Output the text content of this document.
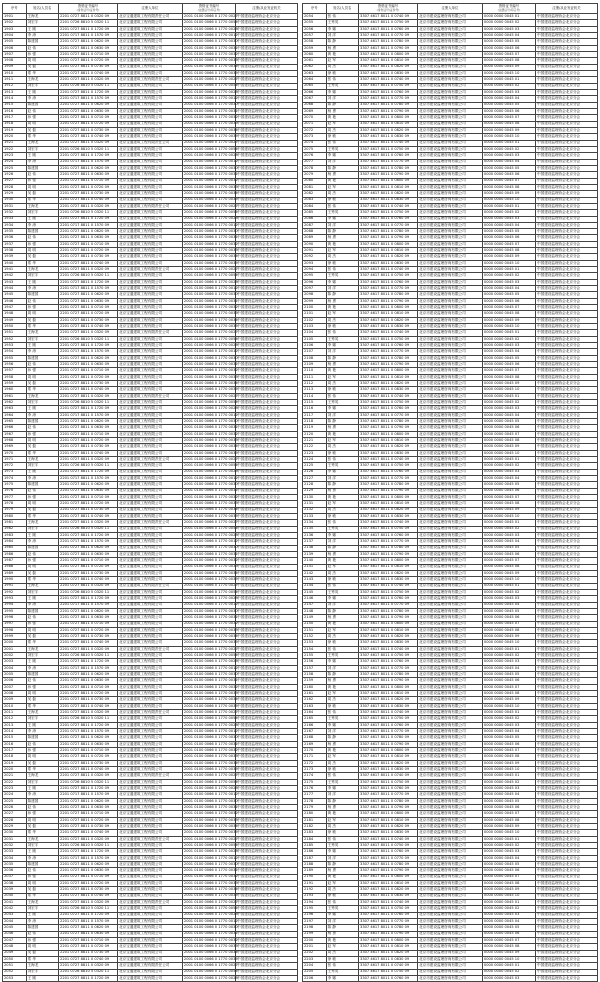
序号	姓名/人员名	资格证书编号
(身份证号/证件号)	注册人单位	资格证书编号
(注册证号/印章号)	注册/从业发证机关
1901	王海龙	2201 0727 8811 0 0320 09	北京宝通建筑工程有限责任公司	2001 0100 0066 0 1770 0027	中国建设监理协会北京分会
1902	刘宏宇	2201 0726 8810 5 0320 11	北京宝通建筑工程有限公司	2001 0100 0066 0 1770 0054	中国建设监理协会北京分会
1903	王 刚	2201 0727 8811 0 1720 09	北京宝通建筑工程有限公司	2001 0100 0066 0 1770 0028	中国建设监理协会北京分会
1904	李 涛	2201 0717 8811 0 1570 09	北京宝通建筑工程有限公司	2001 0100 0066 0 1770 0012	中国建设监理协会北京分会
1905	陈建国	2201 0727 8811 0 0620 09	北京宝通建筑工程有限公司	2001 0100 0066 0 1770 0030	中国建设监理协会北京分会
1906	赵 伟	2201 0727 8811 0 0630 09	北京宝通建筑工程有限公司	2001 0100 0066 0 1770 0031	中国建设监理协会北京分会
1907	孙 强	2201 0727 8811 0 0710 09	北京宝通建筑工程有限公司	2001 0100 0066 0 1770 0032	中国建设监理协会北京分会
1908	周 明	2201 0727 8811 0 0720 09	北京宝通建筑工程有限公司	2001 0100 0066 0 1770 0033	中国建设监理协会北京分会
1909	吴 磊	2201 0727 8811 0 0730 09	北京宝通建筑工程有限公司	2001 0100 0066 0 1770 0034	中国建设监理协会北京分会
1910	郑 华	2201 0727 8811 0 0740 09	北京宝通建筑工程有限公司	2001 0100 0066 0 1770 0035	中国建设监理协会北京分会
1911	王海龙	2201 0727 8811 0 0320 09	北京宝通建筑工程有限责任公司	2001 0100 0066 0 1770 0027	中国建设监理协会北京分会
1912	刘宏宇	2201 0726 8810 5 0320 11	北京宝通建筑工程有限公司	2001 0100 0066 0 1770 0054	中国建设监理协会北京分会
1913	王 刚	2201 0727 8811 0 1720 09	北京宝通建筑工程有限公司	2001 0100 0066 0 1770 0028	中国建设监理协会北京分会
1914	李 涛	2201 0717 8811 0 1570 09	北京宝通建筑工程有限公司	2001 0100 0066 0 1770 0012	中国建设监理协会北京分会
1915	陈建国	2201 0727 8811 0 0620 09	北京宝通建筑工程有限公司	2001 0100 0066 0 1770 0030	中国建设监理协会北京分会
1916	赵 伟	2201 0727 8811 0 0630 09	北京宝通建筑工程有限公司	2001 0100 0066 0 1770 0031	中国建设监理协会北京分会
1917	孙 强	2201 0727 8811 0 0710 09	北京宝通建筑工程有限公司	2001 0100 0066 0 1770 0032	中国建设监理协会北京分会
1918	周 明	2201 0727 8811 0 0720 09	北京宝通建筑工程有限公司	2001 0100 0066 0 1770 0033	中国建设监理协会北京分会
1919	吴 磊	2201 0727 8811 0 0730 09	北京宝通建筑工程有限公司	2001 0100 0066 0 1770 0034	中国建设监理协会北京分会
1920	郑 华	2201 0727 8811 0 0740 09	北京宝通建筑工程有限公司	2001 0100 0066 0 1770 0035	中国建设监理协会北京分会
1921	王海龙	2201 0727 8811 0 0320 09	北京宝通建筑工程有限责任公司	2001 0100 0066 0 1770 0027	中国建设监理协会北京分会
1922	刘宏宇	2201 0726 8810 5 0320 11	北京宝通建筑工程有限公司	2001 0100 0066 0 1770 0054	中国建设监理协会北京分会
1923	王 刚	2201 0727 8811 0 1720 09	北京宝通建筑工程有限公司	2001 0100 0066 0 1770 0028	中国建设监理协会北京分会
1924	李 涛	2201 0717 8811 0 1570 09	北京宝通建筑工程有限公司	2001 0100 0066 0 1770 0012	中国建设监理协会北京分会
1925	陈建国	2201 0727 8811 0 0620 09	北京宝通建筑工程有限公司	2001 0100 0066 0 1770 0030	中国建设监理协会北京分会
1926	赵 伟	2201 0727 8811 0 0630 09	北京宝通建筑工程有限公司	2001 0100 0066 0 1770 0031	中国建设监理协会北京分会
1927	孙 强	2201 0727 8811 0 0710 09	北京宝通建筑工程有限公司	2001 0100 0066 0 1770 0032	中国建设监理协会北京分会
1928	周 明	2201 0727 8811 0 0720 09	北京宝通建筑工程有限公司	2001 0100 0066 0 1770 0033	中国建设监理协会北京分会
1929	吴 磊	2201 0727 8811 0 0730 09	北京宝通建筑工程有限公司	2001 0100 0066 0 1770 0034	中国建设监理协会北京分会
1930	郑 华	2201 0727 8811 0 0740 09	北京宝通建筑工程有限公司	2001 0100 0066 0 1770 0035	中国建设监理协会北京分会
1931	王海龙	2201 0727 8811 0 0320 09	北京宝通建筑工程有限责任公司	2001 0100 0066 0 1770 0027	中国建设监理协会北京分会
1932	刘宏宇	2201 0726 8810 5 0320 11	北京宝通建筑工程有限公司	2001 0100 0066 0 1770 0054	中国建设监理协会北京分会
1933	王 刚	2201 0727 8811 0 1720 09	北京宝通建筑工程有限公司	2001 0100 0066 0 1770 0028	中国建设监理协会北京分会
1934	李 涛	2201 0717 8811 0 1570 09	北京宝通建筑工程有限公司	2001 0100 0066 0 1770 0012	中国建设监理协会北京分会
1935	陈建国	2201 0727 8811 0 0620 09	北京宝通建筑工程有限公司	2001 0100 0066 0 1770 0030	中国建设监理协会北京分会
1936	赵 伟	2201 0727 8811 0 0630 09	北京宝通建筑工程有限公司	2001 0100 0066 0 1770 0031	中国建设监理协会北京分会
1937	孙 强	2201 0727 8811 0 0710 09	北京宝通建筑工程有限公司	2001 0100 0066 0 1770 0032	中国建设监理协会北京分会
1938	周 明	2201 0727 8811 0 0720 09	北京宝通建筑工程有限公司	2001 0100 0066 0 1770 0033	中国建设监理协会北京分会
1939	吴 磊	2201 0727 8811 0 0730 09	北京宝通建筑工程有限公司	2001 0100 0066 0 1770 0034	中国建设监理协会北京分会
1940	郑 华	2201 0727 8811 0 0740 09	北京宝通建筑工程有限公司	2001 0100 0066 0 1770 0035	中国建设监理协会北京分会
1941	王海龙	2201 0727 8811 0 0320 09	北京宝通建筑工程有限责任公司	2001 0100 0066 0 1770 0027	中国建设监理协会北京分会
1942	刘宏宇	2201 0726 8810 5 0320 11	北京宝通建筑工程有限公司	2001 0100 0066 0 1770 0054	中国建设监理协会北京分会
1943	王 刚	2201 0727 8811 0 1720 09	北京宝通建筑工程有限公司	2001 0100 0066 0 1770 0028	中国建设监理协会北京分会
1944	李 涛	2201 0717 8811 0 1570 09	北京宝通建筑工程有限公司	2001 0100 0066 0 1770 0012	中国建设监理协会北京分会
1945	陈建国	2201 0727 8811 0 0620 09	北京宝通建筑工程有限公司	2001 0100 0066 0 1770 0030	中国建设监理协会北京分会
1946	赵 伟	2201 0727 8811 0 0630 09	北京宝通建筑工程有限公司	2001 0100 0066 0 1770 0031	中国建设监理协会北京分会
1947	孙 强	2201 0727 8811 0 0710 09	北京宝通建筑工程有限公司	2001 0100 0066 0 1770 0032	中国建设监理协会北京分会
1948	周 明	2201 0727 8811 0 0720 09	北京宝通建筑工程有限公司	2001 0100 0066 0 1770 0033	中国建设监理协会北京分会
1949	吴 磊	2201 0727 8811 0 0730 09	北京宝通建筑工程有限公司	2001 0100 0066 0 1770 0034	中国建设监理协会北京分会
1950	郑 华	2201 0727 8811 0 0740 09	北京宝通建筑工程有限公司	2001 0100 0066 0 1770 0035	中国建设监理协会北京分会
1951	王海龙	2201 0727 8811 0 0320 09	北京宝通建筑工程有限责任公司	2001 0100 0066 0 1770 0027	中国建设监理协会北京分会
1952	刘宏宇	2201 0726 8810 5 0320 11	北京宝通建筑工程有限公司	2001 0100 0066 0 1770 0054	中国建设监理协会北京分会
1953	王 刚	2201 0727 8811 0 1720 09	北京宝通建筑工程有限公司	2001 0100 0066 0 1770 0028	中国建设监理协会北京分会
1954	李 涛	2201 0717 8811 0 1570 09	北京宝通建筑工程有限公司	2001 0100 0066 0 1770 0012	中国建设监理协会北京分会
1955	陈建国	2201 0727 8811 0 0620 09	北京宝通建筑工程有限公司	2001 0100 0066 0 1770 0030	中国建设监理协会北京分会
1956	赵 伟	2201 0727 8811 0 0630 09	北京宝通建筑工程有限公司	2001 0100 0066 0 1770 0031	中国建设监理协会北京分会
1957	孙 强	2201 0727 8811 0 0710 09	北京宝通建筑工程有限公司	2001 0100 0066 0 1770 0032	中国建设监理协会北京分会
1958	周 明	2201 0727 8811 0 0720 09	北京宝通建筑工程有限公司	2001 0100 0066 0 1770 0033	中国建设监理协会北京分会
1959	吴 磊	2201 0727 8811 0 0730 09	北京宝通建筑工程有限公司	2001 0100 0066 0 1770 0034	中国建设监理协会北京分会
1960	郑 华	2201 0727 8811 0 0740 09	北京宝通建筑工程有限公司	2001 0100 0066 0 1770 0035	中国建设监理协会北京分会
1961	王海龙	2201 0727 8811 0 0320 09	北京宝通建筑工程有限责任公司	2001 0100 0066 0 1770 0027	中国建设监理协会北京分会
1962	刘宏宇	2201 0726 8810 5 0320 11	北京宝通建筑工程有限公司	2001 0100 0066 0 1770 0054	中国建设监理协会北京分会
1963	王 刚	2201 0727 8811 0 1720 09	北京宝通建筑工程有限公司	2001 0100 0066 0 1770 0028	中国建设监理协会北京分会
1964	李 涛	2201 0717 8811 0 1570 09	北京宝通建筑工程有限公司	2001 0100 0066 0 1770 0012	中国建设监理协会北京分会
1965	陈建国	2201 0727 8811 0 0620 09	北京宝通建筑工程有限公司	2001 0100 0066 0 1770 0030	中国建设监理协会北京分会
1966	赵 伟	2201 0727 8811 0 0630 09	北京宝通建筑工程有限公司	2001 0100 0066 0 1770 0031	中国建设监理协会北京分会
1967	孙 强	2201 0727 8811 0 0710 09	北京宝通建筑工程有限公司	2001 0100 0066 0 1770 0032	中国建设监理协会北京分会
1968	周 明	2201 0727 8811 0 0720 09	北京宝通建筑工程有限公司	2001 0100 0066 0 1770 0033	中国建设监理协会北京分会
1969	吴 磊	2201 0727 8811 0 0730 09	北京宝通建筑工程有限公司	2001 0100 0066 0 1770 0034	中国建设监理协会北京分会
1970	郑 华	2201 0727 8811 0 0740 09	北京宝通建筑工程有限公司	2001 0100 0066 0 1770 0035	中国建设监理协会北京分会
1971	王海龙	2201 0727 8811 0 0320 09	北京宝通建筑工程有限责任公司	2001 0100 0066 0 1770 0027	中国建设监理协会北京分会
1972	刘宏宇	2201 0726 8810 5 0320 11	北京宝通建筑工程有限公司	2001 0100 0066 0 1770 0054	中国建设监理协会北京分会
1973	王 刚	2201 0727 8811 0 1720 09	北京宝通建筑工程有限公司	2001 0100 0066 0 1770 0028	中国建设监理协会北京分会
1974	李 涛	2201 0717 8811 0 1570 09	北京宝通建筑工程有限公司	2001 0100 0066 0 1770 0012	中国建设监理协会北京分会
1975	陈建国	2201 0727 8811 0 0620 09	北京宝通建筑工程有限公司	2001 0100 0066 0 1770 0030	中国建设监理协会北京分会
1976	赵 伟	2201 0727 8811 0 0630 09	北京宝通建筑工程有限公司	2001 0100 0066 0 1770 0031	中国建设监理协会北京分会
1977	孙 强	2201 0727 8811 0 0710 09	北京宝通建筑工程有限公司	2001 0100 0066 0 1770 0032	中国建设监理协会北京分会
1978	周 明	2201 0727 8811 0 0720 09	北京宝通建筑工程有限公司	2001 0100 0066 0 1770 0033	中国建设监理协会北京分会
1979	吴 磊	2201 0727 8811 0 0730 09	北京宝通建筑工程有限公司	2001 0100 0066 0 1770 0034	中国建设监理协会北京分会
1980	郑 华	2201 0727 8811 0 0740 09	北京宝通建筑工程有限公司	2001 0100 0066 0 1770 0035	中国建设监理协会北京分会
1981	王海龙	2201 0727 8811 0 0320 09	北京宝通建筑工程有限责任公司	2001 0100 0066 0 1770 0027	中国建设监理协会北京分会
1982	刘宏宇	2201 0726 8810 5 0320 11	北京宝通建筑工程有限公司	2001 0100 0066 0 1770 0054	中国建设监理协会北京分会
1983	王 刚	2201 0727 8811 0 1720 09	北京宝通建筑工程有限公司	2001 0100 0066 0 1770 0028	中国建设监理协会北京分会
1984	李 涛	2201 0717 8811 0 1570 09	北京宝通建筑工程有限公司	2001 0100 0066 0 1770 0012	中国建设监理协会北京分会
1985	陈建国	2201 0727 8811 0 0620 09	北京宝通建筑工程有限公司	2001 0100 0066 0 1770 0030	中国建设监理协会北京分会
1986	赵 伟	2201 0727 8811 0 0630 09	北京宝通建筑工程有限公司	2001 0100 0066 0 1770 0031	中国建设监理协会北京分会
1987	孙 强	2201 0727 8811 0 0710 09	北京宝通建筑工程有限公司	2001 0100 0066 0 1770 0032	中国建设监理协会北京分会
1988	周 明	2201 0727 8811 0 0720 09	北京宝通建筑工程有限公司	2001 0100 0066 0 1770 0033	中国建设监理协会北京分会
1989	吴 磊	2201 0727 8811 0 0730 09	北京宝通建筑工程有限公司	2001 0100 0066 0 1770 0034	中国建设监理协会北京分会
1990	郑 华	2201 0727 8811 0 0740 09	北京宝通建筑工程有限公司	2001 0100 0066 0 1770 0035	中国建设监理协会北京分会
1991	王海龙	2201 0727 8811 0 0320 09	北京宝通建筑工程有限责任公司	2001 0100 0066 0 1770 0027	中国建设监理协会北京分会
1992	刘宏宇	2201 0726 8810 5 0320 11	北京宝通建筑工程有限公司	2001 0100 0066 0 1770 0054	中国建设监理协会北京分会
1993	王 刚	2201 0727 8811 0 1720 09	北京宝通建筑工程有限公司	2001 0100 0066 0 1770 0028	中国建设监理协会北京分会
1994	李 涛	2201 0717 8811 0 1570 09	北京宝通建筑工程有限公司	2001 0100 0066 0 1770 0012	中国建设监理协会北京分会
1995	陈建国	2201 0727 8811 0 0620 09	北京宝通建筑工程有限公司	2001 0100 0066 0 1770 0030	中国建设监理协会北京分会
1996	赵 伟	2201 0727 8811 0 0630 09	北京宝通建筑工程有限公司	2001 0100 0066 0 1770 0031	中国建设监理协会北京分会
1997	孙 强	2201 0727 8811 0 0710 09	北京宝通建筑工程有限公司	2001 0100 0066 0 1770 0032	中国建设监理协会北京分会
1998	周 明	2201 0727 8811 0 0720 09	北京宝通建筑工程有限公司	2001 0100 0066 0 1770 0033	中国建设监理协会北京分会
1999	吴 磊	2201 0727 8811 0 0730 09	北京宝通建筑工程有限公司	2001 0100 0066 0 1770 0034	中国建设监理协会北京分会
2000	郑 华	2201 0727 8811 0 0740 09	北京宝通建筑工程有限公司	2001 0100 0066 0 1770 0035	中国建设监理协会北京分会
2001	王海龙	2201 0727 8811 0 0320 09	北京宝通建筑工程有限责任公司	2001 0100 0066 0 1770 0027	中国建设监理协会北京分会
2002	刘宏宇	2201 0726 8810 5 0320 11	北京宝通建筑工程有限公司	2001 0100 0066 0 1770 0054	中国建设监理协会北京分会
2003	王 刚	2201 0727 8811 0 1720 09	北京宝通建筑工程有限公司	2001 0100 0066 0 1770 0028	中国建设监理协会北京分会
2004	李 涛	2201 0717 8811 0 1570 09	北京宝通建筑工程有限公司	2001 0100 0066 0 1770 0012	中国建设监理协会北京分会
2005	陈建国	2201 0727 8811 0 0620 09	北京宝通建筑工程有限公司	2001 0100 0066 0 1770 0030	中国建设监理协会北京分会
2006	赵 伟	2201 0727 8811 0 0630 09	北京宝通建筑工程有限公司	2001 0100 0066 0 1770 0031	中国建设监理协会北京分会
2007	孙 强	2201 0727 8811 0 0710 09	北京宝通建筑工程有限公司	2001 0100 0066 0 1770 0032	中国建设监理协会北京分会
2008	周 明	2201 0727 8811 0 0720 09	北京宝通建筑工程有限公司	2001 0100 0066 0 1770 0033	中国建设监理协会北京分会
2009	吴 磊	2201 0727 8811 0 0730 09	北京宝通建筑工程有限公司	2001 0100 0066 0 1770 0034	中国建设监理协会北京分会
2010	郑 华	2201 0727 8811 0 0740 09	北京宝通建筑工程有限公司	2001 0100 0066 0 1770 0035	中国建设监理协会北京分会
2011	王海龙	2201 0727 8811 0 0320 09	北京宝通建筑工程有限责任公司	2001 0100 0066 0 1770 0027	中国建设监理协会北京分会
2012	刘宏宇	2201 0726 8810 5 0320 11	北京宝通建筑工程有限公司	2001 0100 0066 0 1770 0054	中国建设监理协会北京分会
2013	王 刚	2201 0727 8811 0 1720 09	北京宝通建筑工程有限公司	2001 0100 0066 0 1770 0028	中国建设监理协会北京分会
2014	李 涛	2201 0717 8811 0 1570 09	北京宝通建筑工程有限公司	2001 0100 0066 0 1770 0012	中国建设监理协会北京分会
2015	陈建国	2201 0727 8811 0 0620 09	北京宝通建筑工程有限公司	2001 0100 0066 0 1770 0030	中国建设监理协会北京分会
2016	赵 伟	2201 0727 8811 0 0630 09	北京宝通建筑工程有限公司	2001 0100 0066 0 1770 0031	中国建设监理协会北京分会
2017	孙 强	2201 0727 8811 0 0710 09	北京宝通建筑工程有限公司	2001 0100 0066 0 1770 0032	中国建设监理协会北京分会
2018	周 明	2201 0727 8811 0 0720 09	北京宝通建筑工程有限公司	2001 0100 0066 0 1770 0033	中国建设监理协会北京分会
2019	吴 磊	2201 0727 8811 0 0730 09	北京宝通建筑工程有限公司	2001 0100 0066 0 1770 0034	中国建设监理协会北京分会
2020	郑 华	2201 0727 8811 0 0740 09	北京宝通建筑工程有限公司	2001 0100 0066 0 1770 0035	中国建设监理协会北京分会
2021	王海龙	2201 0727 8811 0 0320 09	北京宝通建筑工程有限责任公司	2001 0100 0066 0 1770 0027	中国建设监理协会北京分会
2022	刘宏宇	2201 0726 8810 5 0320 11	北京宝通建筑工程有限公司	2001 0100 0066 0 1770 0054	中国建设监理协会北京分会
2023	王 刚	2201 0727 8811 0 1720 09	北京宝通建筑工程有限公司	2001 0100 0066 0 1770 0028	中国建设监理协会北京分会
2024	李 涛	2201 0717 8811 0 1570 09	北京宝通建筑工程有限公司	2001 0100 0066 0 1770 0012	中国建设监理协会北京分会
2025	陈建国	2201 0727 8811 0 0620 09	北京宝通建筑工程有限公司	2001 0100 0066 0 1770 0030	中国建设监理协会北京分会
2026	赵 伟	2201 0727 8811 0 0630 09	北京宝通建筑工程有限公司	2001 0100 0066 0 1770 0031	中国建设监理协会北京分会
2027	孙 强	2201 0727 8811 0 0710 09	北京宝通建筑工程有限公司	2001 0100 0066 0 1770 0032	中国建设监理协会北京分会
2028	周 明	2201 0727 8811 0 0720 09	北京宝通建筑工程有限公司	2001 0100 0066 0 1770 0033	中国建设监理协会北京分会
2029	吴 磊	2201 0727 8811 0 0730 09	北京宝通建筑工程有限公司	2001 0100 0066 0 1770 0034	中国建设监理协会北京分会
2030	郑 华	2201 0727 8811 0 0740 09	北京宝通建筑工程有限公司	2001 0100 0066 0 1770 0035	中国建设监理协会北京分会
2031	王海龙	2201 0727 8811 0 0320 09	北京宝通建筑工程有限责任公司	2001 0100 0066 0 1770 0027	中国建设监理协会北京分会
2032	刘宏宇	2201 0726 8810 5 0320 11	北京宝通建筑工程有限公司	2001 0100 0066 0 1770 0054	中国建设监理协会北京分会
2033	王 刚	2201 0727 8811 0 1720 09	北京宝通建筑工程有限公司	2001 0100 0066 0 1770 0028	中国建设监理协会北京分会
2034	李 涛	2201 0717 8811 0 1570 09	北京宝通建筑工程有限公司	2001 0100 0066 0 1770 0012	中国建设监理协会北京分会
2035	陈建国	2201 0727 8811 0 0620 09	北京宝通建筑工程有限公司	2001 0100 0066 0 1770 0030	中国建设监理协会北京分会
2036	赵 伟	2201 0727 8811 0 0630 09	北京宝通建筑工程有限公司	2001 0100 0066 0 1770 0031	中国建设监理协会北京分会
2037	孙 强	2201 0727 8811 0 0710 09	北京宝通建筑工程有限公司	2001 0100 0066 0 1770 0032	中国建设监理协会北京分会
2038	周 明	2201 0727 8811 0 0720 09	北京宝通建筑工程有限公司	2001 0100 0066 0 1770 0033	中国建设监理协会北京分会
2039	吴 磊	2201 0727 8811 0 0730 09	北京宝通建筑工程有限公司	2001 0100 0066 0 1770 0034	中国建设监理协会北京分会
2040	郑 华	2201 0727 8811 0 0740 09	北京宝通建筑工程有限公司	2001 0100 0066 0 1770 0035	中国建设监理协会北京分会
2041	王海龙	2201 0727 8811 0 0320 09	北京宝通建筑工程有限责任公司	2001 0100 0066 0 1770 0027	中国建设监理协会北京分会
2042	刘宏宇	2201 0726 8810 5 0320 11	北京宝通建筑工程有限公司	2001 0100 0066 0 1770 0054	中国建设监理协会北京分会
2043	王 刚	2201 0727 8811 0 1720 09	北京宝通建筑工程有限公司	2001 0100 0066 0 1770 0028	中国建设监理协会北京分会
2044	李 涛	2201 0717 8811 0 1570 09	北京宝通建筑工程有限公司	2001 0100 0066 0 1770 0012	中国建设监理协会北京分会
2045	陈建国	2201 0727 8811 0 0620 09	北京宝通建筑工程有限公司	2001 0100 0066 0 1770 0030	中国建设监理协会北京分会
2046	赵 伟	2201 0727 8811 0 0630 09	北京宝通建筑工程有限公司	2001 0100 0066 0 1770 0031	中国建设监理协会北京分会
2047	孙 强	2201 0727 8811 0 0710 09	北京宝通建筑工程有限公司	2001 0100 0066 0 1770 0032	中国建设监理协会北京分会
2048	周 明	2201 0727 8811 0 0720 09	北京宝通建筑工程有限公司	2001 0100 0066 0 1770 0033	中国建设监理协会北京分会
2049	吴 磊	2201 0727 8811 0 0730 09	北京宝通建筑工程有限公司	2001 0100 0066 0 1770 0034	中国建设监理协会北京分会
2050	郑 华	2201 0727 8811 0 0740 09	北京宝通建筑工程有限公司	2001 0100 0066 0 1770 0035	中国建设监理协会北京分会
2051	王海龙	2201 0727 8811 0 0320 09	北京宝通建筑工程有限责任公司	2001 0100 0066 0 1770 0027	中国建设监理协会北京分会
2052	刘宏宇	2201 0726 8810 5 0320 11	北京宝通建筑工程有限公司	2001 0100 0066 0 1770 0054	中国建设监理协会北京分会
2053	王 刚	2201 0727 8811 0 1720 09	北京宝通建筑工程有限公司	2001 0100 0066 0 1770 0028	中国建设监理协会北京分会
序号	姓名/人员名	资格证书编号
(身份证号/证件号)	注册人单位	资格证书编号
(注册证号/印章号)	注册/从业发证机关
2054	张 伟	3307 4617 8011 0 0740 09	北京市建设监理咨询有限公司	0000 0000 0045 01	中国建设监理协会北京分会
2055	王秀英	3307 4617 8011 0 0750 09	北京市建设监理咨询有限公司	0000 0000 0045 02	中国建设监理协会北京分会
2056	李 娜	3307 4617 8011 0 0760 09	北京市建设监理咨询有限公司	0000 0000 0045 03	中国建设监理协会北京分会
2057	刘 洋	3307 4617 8011 0 0770 09	北京市建设监理咨询有限公司	0000 0000 0045 04	中国建设监理协会北京分会
2058	陈 静	3307 4617 8011 0 0780 09	北京市建设监理咨询有限公司	0000 0000 0045 05	中国建设监理协会北京分会
2059	杨 勇	3307 4617 8011 0 0790 09	北京市建设监理咨询有限公司	0000 0000 0045 06	中国建设监理协会北京分会
2060	黄 艳	3307 4617 8011 0 0800 09	北京市建设监理咨询有限公司	0000 0000 0045 07	中国建设监理协会北京分会
2061	赵 军	3307 4617 8011 0 0810 09	北京市建设监理咨询有限公司	0000 0000 0045 08	中国建设监理协会北京分会
2062	周 杰	3307 4617 8011 0 0820 09	北京市建设监理咨询有限公司	0000 0000 0045 09	中国建设监理协会北京分会
2063	徐 敏	3307 4617 8011 0 0830 09	北京市建设监理咨询有限公司	0000 0000 0045 10	中国建设监理协会北京分会
2064	张 伟	3307 4617 8011 0 0740 09	北京市建设监理咨询有限公司	0000 0000 0045 01	中国建设监理协会北京分会
2065	王秀英	3307 4617 8011 0 0750 09	北京市建设监理咨询有限公司	0000 0000 0045 02	中国建设监理协会北京分会
2066	李 娜	3307 4617 8011 0 0760 09	北京市建设监理咨询有限公司	0000 0000 0045 03	中国建设监理协会北京分会
2067	刘 洋	3307 4617 8011 0 0770 09	北京市建设监理咨询有限公司	0000 0000 0045 04	中国建设监理协会北京分会
2068	陈 静	3307 4617 8011 0 0780 09	北京市建设监理咨询有限公司	0000 0000 0045 05	中国建设监理协会北京分会
2069	杨 勇	3307 4617 8011 0 0790 09	北京市建设监理咨询有限公司	0000 0000 0045 06	中国建设监理协会北京分会
2070	黄 艳	3307 4617 8011 0 0800 09	北京市建设监理咨询有限公司	0000 0000 0045 07	中国建设监理协会北京分会
2071	赵 军	3307 4617 8011 0 0810 09	北京市建设监理咨询有限公司	0000 0000 0045 08	中国建设监理协会北京分会
2072	周 杰	3307 4617 8011 0 0820 09	北京市建设监理咨询有限公司	0000 0000 0045 09	中国建设监理协会北京分会
2073	徐 敏	3307 4617 8011 0 0830 09	北京市建设监理咨询有限公司	0000 0000 0045 10	中国建设监理协会北京分会
2074	张 伟	3307 4617 8011 0 0740 09	北京市建设监理咨询有限公司	0000 0000 0045 01	中国建设监理协会北京分会
2075	王秀英	3307 4617 8011 0 0750 09	北京市建设监理咨询有限公司	0000 0000 0045 02	中国建设监理协会北京分会
2076	李 娜	3307 4617 8011 0 0760 09	北京市建设监理咨询有限公司	0000 0000 0045 03	中国建设监理协会北京分会
2077	刘 洋	3307 4617 8011 0 0770 09	北京市建设监理咨询有限公司	0000 0000 0045 04	中国建设监理协会北京分会
2078	陈 静	3307 4617 8011 0 0780 09	北京市建设监理咨询有限公司	0000 0000 0045 05	中国建设监理协会北京分会
2079	杨 勇	3307 4617 8011 0 0790 09	北京市建设监理咨询有限公司	0000 0000 0045 06	中国建设监理协会北京分会
2080	黄 艳	3307 4617 8011 0 0800 09	北京市建设监理咨询有限公司	0000 0000 0045 07	中国建设监理协会北京分会
2081	赵 军	3307 4617 8011 0 0810 09	北京市建设监理咨询有限公司	0000 0000 0045 08	中国建设监理协会北京分会
2082	周 杰	3307 4617 8011 0 0820 09	北京市建设监理咨询有限公司	0000 0000 0045 09	中国建设监理协会北京分会
2083	徐 敏	3307 4617 8011 0 0830 09	北京市建设监理咨询有限公司	0000 0000 0045 10	中国建设监理协会北京分会
2084	张 伟	3307 4617 8011 0 0740 09	北京市建设监理咨询有限公司	0000 0000 0045 01	中国建设监理协会北京分会
2085	王秀英	3307 4617 8011 0 0750 09	北京市建设监理咨询有限公司	0000 0000 0045 02	中国建设监理协会北京分会
2086	李 娜	3307 4617 8011 0 0760 09	北京市建设监理咨询有限公司	0000 0000 0045 03	中国建设监理协会北京分会
2087	刘 洋	3307 4617 8011 0 0770 09	北京市建设监理咨询有限公司	0000 0000 0045 04	中国建设监理协会北京分会
2088	陈 静	3307 4617 8011 0 0780 09	北京市建设监理咨询有限公司	0000 0000 0045 05	中国建设监理协会北京分会
2089	杨 勇	3307 4617 8011 0 0790 09	北京市建设监理咨询有限公司	0000 0000 0045 06	中国建设监理协会北京分会
2090	黄 艳	3307 4617 8011 0 0800 09	北京市建设监理咨询有限公司	0000 0000 0045 07	中国建设监理协会北京分会
2091	赵 军	3307 4617 8011 0 0810 09	北京市建设监理咨询有限公司	0000 0000 0045 08	中国建设监理协会北京分会
2092	周 杰	3307 4617 8011 0 0820 09	北京市建设监理咨询有限公司	0000 0000 0045 09	中国建设监理协会北京分会
2093	徐 敏	3307 4617 8011 0 0830 09	北京市建设监理咨询有限公司	0000 0000 0045 10	中国建设监理协会北京分会
2094	张 伟	3307 4617 8011 0 0740 09	北京市建设监理咨询有限公司	0000 0000 0045 01	中国建设监理协会北京分会
2095	王秀英	3307 4617 8011 0 0750 09	北京市建设监理咨询有限公司	0000 0000 0045 02	中国建设监理协会北京分会
2096	李 娜	3307 4617 8011 0 0760 09	北京市建设监理咨询有限公司	0000 0000 0045 03	中国建设监理协会北京分会
2097	刘 洋	3307 4617 8011 0 0770 09	北京市建设监理咨询有限公司	0000 0000 0045 04	中国建设监理协会北京分会
2098	陈 静	3307 4617 8011 0 0780 09	北京市建设监理咨询有限公司	0000 0000 0045 05	中国建设监理协会北京分会
2099	杨 勇	3307 4617 8011 0 0790 09	北京市建设监理咨询有限公司	0000 0000 0045 06	中国建设监理协会北京分会
2100	黄 艳	3307 4617 8011 0 0800 09	北京市建设监理咨询有限公司	0000 0000 0045 07	中国建设监理协会北京分会
2101	赵 军	3307 4617 8011 0 0810 09	北京市建设监理咨询有限公司	0000 0000 0045 08	中国建设监理协会北京分会
2102	周 杰	3307 4617 8011 0 0820 09	北京市建设监理咨询有限公司	0000 0000 0045 09	中国建设监理协会北京分会
2103	徐 敏	3307 4617 8011 0 0830 09	北京市建设监理咨询有限公司	0000 0000 0045 10	中国建设监理协会北京分会
2104	张 伟	3307 4617 8011 0 0740 09	北京市建设监理咨询有限公司	0000 0000 0045 01	中国建设监理协会北京分会
2105	王秀英	3307 4617 8011 0 0750 09	北京市建设监理咨询有限公司	0000 0000 0045 02	中国建设监理协会北京分会
2106	李 娜	3307 4617 8011 0 0760 09	北京市建设监理咨询有限公司	0000 0000 0045 03	中国建设监理协会北京分会
2107	刘 洋	3307 4617 8011 0 0770 09	北京市建设监理咨询有限公司	0000 0000 0045 04	中国建设监理协会北京分会
2108	陈 静	3307 4617 8011 0 0780 09	北京市建设监理咨询有限公司	0000 0000 0045 05	中国建设监理协会北京分会
2109	杨 勇	3307 4617 8011 0 0790 09	北京市建设监理咨询有限公司	0000 0000 0045 06	中国建设监理协会北京分会
2110	黄 艳	3307 4617 8011 0 0800 09	北京市建设监理咨询有限公司	0000 0000 0045 07	中国建设监理协会北京分会
2111	赵 军	3307 4617 8011 0 0810 09	北京市建设监理咨询有限公司	0000 0000 0045 08	中国建设监理协会北京分会
2112	周 杰	3307 4617 8011 0 0820 09	北京市建设监理咨询有限公司	0000 0000 0045 09	中国建设监理协会北京分会
2113	徐 敏	3307 4617 8011 0 0830 09	北京市建设监理咨询有限公司	0000 0000 0045 10	中国建设监理协会北京分会
2114	张 伟	3307 4617 8011 0 0740 09	北京市建设监理咨询有限公司	0000 0000 0045 01	中国建设监理协会北京分会
2115	王秀英	3307 4617 8011 0 0750 09	北京市建设监理咨询有限公司	0000 0000 0045 02	中国建设监理协会北京分会
2116	李 娜	3307 4617 8011 0 0760 09	北京市建设监理咨询有限公司	0000 0000 0045 03	中国建设监理协会北京分会
2117	刘 洋	3307 4617 8011 0 0770 09	北京市建设监理咨询有限公司	0000 0000 0045 04	中国建设监理协会北京分会
2118	陈 静	3307 4617 8011 0 0780 09	北京市建设监理咨询有限公司	0000 0000 0045 05	中国建设监理协会北京分会
2119	杨 勇	3307 4617 8011 0 0790 09	北京市建设监理咨询有限公司	0000 0000 0045 06	中国建设监理协会北京分会
2120	黄 艳	3307 4617 8011 0 0800 09	北京市建设监理咨询有限公司	0000 0000 0045 07	中国建设监理协会北京分会
2121	赵 军	3307 4617 8011 0 0810 09	北京市建设监理咨询有限公司	0000 0000 0045 08	中国建设监理协会北京分会
2122	周 杰	3307 4617 8011 0 0820 09	北京市建设监理咨询有限公司	0000 0000 0045 09	中国建设监理协会北京分会
2123	徐 敏	3307 4617 8011 0 0830 09	北京市建设监理咨询有限公司	0000 0000 0045 10	中国建设监理协会北京分会
2124	张 伟	3307 4617 8011 0 0740 09	北京市建设监理咨询有限公司	0000 0000 0045 01	中国建设监理协会北京分会
2125	王秀英	3307 4617 8011 0 0750 09	北京市建设监理咨询有限公司	0000 0000 0045 02	中国建设监理协会北京分会
2126	李 娜	3307 4617 8011 0 0760 09	北京市建设监理咨询有限公司	0000 0000 0045 03	中国建设监理协会北京分会
2127	刘 洋	3307 4617 8011 0 0770 09	北京市建设监理咨询有限公司	0000 0000 0045 04	中国建设监理协会北京分会
2128	陈 静	3307 4617 8011 0 0780 09	北京市建设监理咨询有限公司	0000 0000 0045 05	中国建设监理协会北京分会
2129	杨 勇	3307 4617 8011 0 0790 09	北京市建设监理咨询有限公司	0000 0000 0045 06	中国建设监理协会北京分会
2130	黄 艳	3307 4617 8011 0 0800 09	北京市建设监理咨询有限公司	0000 0000 0045 07	中国建设监理协会北京分会
2131	赵 军	3307 4617 8011 0 0810 09	北京市建设监理咨询有限公司	0000 0000 0045 08	中国建设监理协会北京分会
2132	周 杰	3307 4617 8011 0 0820 09	北京市建设监理咨询有限公司	0000 0000 0045 09	中国建设监理协会北京分会
2133	徐 敏	3307 4617 8011 0 0830 09	北京市建设监理咨询有限公司	0000 0000 0045 10	中国建设监理协会北京分会
2134	张 伟	3307 4617 8011 0 0740 09	北京市建设监理咨询有限公司	0000 0000 0045 01	中国建设监理协会北京分会
2135	王秀英	3307 4617 8011 0 0750 09	北京市建设监理咨询有限公司	0000 0000 0045 02	中国建设监理协会北京分会
2136	李 娜	3307 4617 8011 0 0760 09	北京市建设监理咨询有限公司	0000 0000 0045 03	中国建设监理协会北京分会
2137	刘 洋	3307 4617 8011 0 0770 09	北京市建设监理咨询有限公司	0000 0000 0045 04	中国建设监理协会北京分会
2138	陈 静	3307 4617 8011 0 0780 09	北京市建设监理咨询有限公司	0000 0000 0045 05	中国建设监理协会北京分会
2139	杨 勇	3307 4617 8011 0 0790 09	北京市建设监理咨询有限公司	0000 0000 0045 06	中国建设监理协会北京分会
2140	黄 艳	3307 4617 8011 0 0800 09	北京市建设监理咨询有限公司	0000 0000 0045 07	中国建设监理协会北京分会
2141	赵 军	3307 4617 8011 0 0810 09	北京市建设监理咨询有限公司	0000 0000 0045 08	中国建设监理协会北京分会
2142	周 杰	3307 4617 8011 0 0820 09	北京市建设监理咨询有限公司	0000 0000 0045 09	中国建设监理协会北京分会
2143	徐 敏	3307 4617 8011 0 0830 09	北京市建设监理咨询有限公司	0000 0000 0045 10	中国建设监理协会北京分会
2144	张 伟	3307 4617 8011 0 0740 09	北京市建设监理咨询有限公司	0000 0000 0045 01	中国建设监理协会北京分会
2145	王秀英	3307 4617 8011 0 0750 09	北京市建设监理咨询有限公司	0000 0000 0045 02	中国建设监理协会北京分会
2146	李 娜	3307 4617 8011 0 0760 09	北京市建设监理咨询有限公司	0000 0000 0045 03	中国建设监理协会北京分会
2147	刘 洋	3307 4617 8011 0 0770 09	北京市建设监理咨询有限公司	0000 0000 0045 04	中国建设监理协会北京分会
2148	陈 静	3307 4617 8011 0 0780 09	北京市建设监理咨询有限公司	0000 0000 0045 05	中国建设监理协会北京分会
2149	杨 勇	3307 4617 8011 0 0790 09	北京市建设监理咨询有限公司	0000 0000 0045 06	中国建设监理协会北京分会
2150	黄 艳	3307 4617 8011 0 0800 09	北京市建设监理咨询有限公司	0000 0000 0045 07	中国建设监理协会北京分会
2151	赵 军	3307 4617 8011 0 0810 09	北京市建设监理咨询有限公司	0000 0000 0045 08	中国建设监理协会北京分会
2152	周 杰	3307 4617 8011 0 0820 09	北京市建设监理咨询有限公司	0000 0000 0045 09	中国建设监理协会北京分会
2153	徐 敏	3307 4617 8011 0 0830 09	北京市建设监理咨询有限公司	0000 0000 0045 10	中国建设监理协会北京分会
2154	张 伟	3307 4617 8011 0 0740 09	北京市建设监理咨询有限公司	0000 0000 0045 01	中国建设监理协会北京分会
2155	王秀英	3307 4617 8011 0 0750 09	北京市建设监理咨询有限公司	0000 0000 0045 02	中国建设监理协会北京分会
2156	李 娜	3307 4617 8011 0 0760 09	北京市建设监理咨询有限公司	0000 0000 0045 03	中国建设监理协会北京分会
2157	刘 洋	3307 4617 8011 0 0770 09	北京市建设监理咨询有限公司	0000 0000 0045 04	中国建设监理协会北京分会
2158	陈 静	3307 4617 8011 0 0780 09	北京市建设监理咨询有限公司	0000 0000 0045 05	中国建设监理协会北京分会
2159	杨 勇	3307 4617 8011 0 0790 09	北京市建设监理咨询有限公司	0000 0000 0045 06	中国建设监理协会北京分会
2160	黄 艳	3307 4617 8011 0 0800 09	北京市建设监理咨询有限公司	0000 0000 0045 07	中国建设监理协会北京分会
2161	赵 军	3307 4617 8011 0 0810 09	北京市建设监理咨询有限公司	0000 0000 0045 08	中国建设监理协会北京分会
2162	周 杰	3307 4617 8011 0 0820 09	北京市建设监理咨询有限公司	0000 0000 0045 09	中国建设监理协会北京分会
2163	徐 敏	3307 4617 8011 0 0830 09	北京市建设监理咨询有限公司	0000 0000 0045 10	中国建设监理协会北京分会
2164	张 伟	3307 4617 8011 0 0740 09	北京市建设监理咨询有限公司	0000 0000 0045 01	中国建设监理协会北京分会
2165	王秀英	3307 4617 8011 0 0750 09	北京市建设监理咨询有限公司	0000 0000 0045 02	中国建设监理协会北京分会
2166	李 娜	3307 4617 8011 0 0760 09	北京市建设监理咨询有限公司	0000 0000 0045 03	中国建设监理协会北京分会
2167	刘 洋	3307 4617 8011 0 0770 09	北京市建设监理咨询有限公司	0000 0000 0045 04	中国建设监理协会北京分会
2168	陈 静	3307 4617 8011 0 0780 09	北京市建设监理咨询有限公司	0000 0000 0045 05	中国建设监理协会北京分会
2169	杨 勇	3307 4617 8011 0 0790 09	北京市建设监理咨询有限公司	0000 0000 0045 06	中国建设监理协会北京分会
2170	黄 艳	3307 4617 8011 0 0800 09	北京市建设监理咨询有限公司	0000 0000 0045 07	中国建设监理协会北京分会
2171	赵 军	3307 4617 8011 0 0810 09	北京市建设监理咨询有限公司	0000 0000 0045 08	中国建设监理协会北京分会
2172	周 杰	3307 4617 8011 0 0820 09	北京市建设监理咨询有限公司	0000 0000 0045 09	中国建设监理协会北京分会
2173	徐 敏	3307 4617 8011 0 0830 09	北京市建设监理咨询有限公司	0000 0000 0045 10	中国建设监理协会北京分会
2174	张 伟	3307 4617 8011 0 0740 09	北京市建设监理咨询有限公司	0000 0000 0045 01	中国建设监理协会北京分会
2175	王秀英	3307 4617 8011 0 0750 09	北京市建设监理咨询有限公司	0000 0000 0045 02	中国建设监理协会北京分会
2176	李 娜	3307 4617 8011 0 0760 09	北京市建设监理咨询有限公司	0000 0000 0045 03	中国建设监理协会北京分会
2177	刘 洋	3307 4617 8011 0 0770 09	北京市建设监理咨询有限公司	0000 0000 0045 04	中国建设监理协会北京分会
2178	陈 静	3307 4617 8011 0 0780 09	北京市建设监理咨询有限公司	0000 0000 0045 05	中国建设监理协会北京分会
2179	杨 勇	3307 4617 8011 0 0790 09	北京市建设监理咨询有限公司	0000 0000 0045 06	中国建设监理协会北京分会
2180	黄 艳	3307 4617 8011 0 0800 09	北京市建设监理咨询有限公司	0000 0000 0045 07	中国建设监理协会北京分会
2181	赵 军	3307 4617 8011 0 0810 09	北京市建设监理咨询有限公司	0000 0000 0045 08	中国建设监理协会北京分会
2182	周 杰	3307 4617 8011 0 0820 09	北京市建设监理咨询有限公司	0000 0000 0045 09	中国建设监理协会北京分会
2183	徐 敏	3307 4617 8011 0 0830 09	北京市建设监理咨询有限公司	0000 0000 0045 10	中国建设监理协会北京分会
2184	张 伟	3307 4617 8011 0 0740 09	北京市建设监理咨询有限公司	0000 0000 0045 01	中国建设监理协会北京分会
2185	王秀英	3307 4617 8011 0 0750 09	北京市建设监理咨询有限公司	0000 0000 0045 02	中国建设监理协会北京分会
2186	李 娜	3307 4617 8011 0 0760 09	北京市建设监理咨询有限公司	0000 0000 0045 03	中国建设监理协会北京分会
2187	刘 洋	3307 4617 8011 0 0770 09	北京市建设监理咨询有限公司	0000 0000 0045 04	中国建设监理协会北京分会
2188	陈 静	3307 4617 8011 0 0780 09	北京市建设监理咨询有限公司	0000 0000 0045 05	中国建设监理协会北京分会
2189	杨 勇	3307 4617 8011 0 0790 09	北京市建设监理咨询有限公司	0000 0000 0045 06	中国建设监理协会北京分会
2190	黄 艳	3307 4617 8011 0 0800 09	北京市建设监理咨询有限公司	0000 0000 0045 07	中国建设监理协会北京分会
2191	赵 军	3307 4617 8011 0 0810 09	北京市建设监理咨询有限公司	0000 0000 0045 08	中国建设监理协会北京分会
2192	周 杰	3307 4617 8011 0 0820 09	北京市建设监理咨询有限公司	0000 0000 0045 09	中国建设监理协会北京分会
2193	徐 敏	3307 4617 8011 0 0830 09	北京市建设监理咨询有限公司	0000 0000 0045 10	中国建设监理协会北京分会
2194	张 伟	3307 4617 8011 0 0740 09	北京市建设监理咨询有限公司	0000 0000 0045 01	中国建设监理协会北京分会
2195	王秀英	3307 4617 8011 0 0750 09	北京市建设监理咨询有限公司	0000 0000 0045 02	中国建设监理协会北京分会
2196	李 娜	3307 4617 8011 0 0760 09	北京市建设监理咨询有限公司	0000 0000 0045 03	中国建设监理协会北京分会
2197	刘 洋	3307 4617 8011 0 0770 09	北京市建设监理咨询有限公司	0000 0000 0045 04	中国建设监理协会北京分会
2198	陈 静	3307 4617 8011 0 0780 09	北京市建设监理咨询有限公司	0000 0000 0045 05	中国建设监理协会北京分会
2199	杨 勇	3307 4617 8011 0 0790 09	北京市建设监理咨询有限公司	0000 0000 0045 06	中国建设监理协会北京分会
2200	黄 艳	3307 4617 8011 0 0800 09	北京市建设监理咨询有限公司	0000 0000 0045 07	中国建设监理协会北京分会
2201	赵 军	3307 4617 8011 0 0810 09	北京市建设监理咨询有限公司	0000 0000 0045 08	中国建设监理协会北京分会
2202	周 杰	3307 4617 8011 0 0820 09	北京市建设监理咨询有限公司	0000 0000 0045 09	中国建设监理协会北京分会
2203	徐 敏	3307 4617 8011 0 0830 09	北京市建设监理咨询有限公司	0000 0000 0045 10	中国建设监理协会北京分会
2204	张 伟	3307 4617 8011 0 0740 09	北京市建设监理咨询有限公司	0000 0000 0045 01	中国建设监理协会北京分会
2205	王秀英	3307 4617 8011 0 0750 09	北京市建设监理咨询有限公司	0000 0000 0045 02	中国建设监理协会北京分会
2206	李 娜	3307 4617 8011 0 0760 09	北京市建设监理咨询有限公司	0000 0000 0045 03	中国建设监理协会北京分会
